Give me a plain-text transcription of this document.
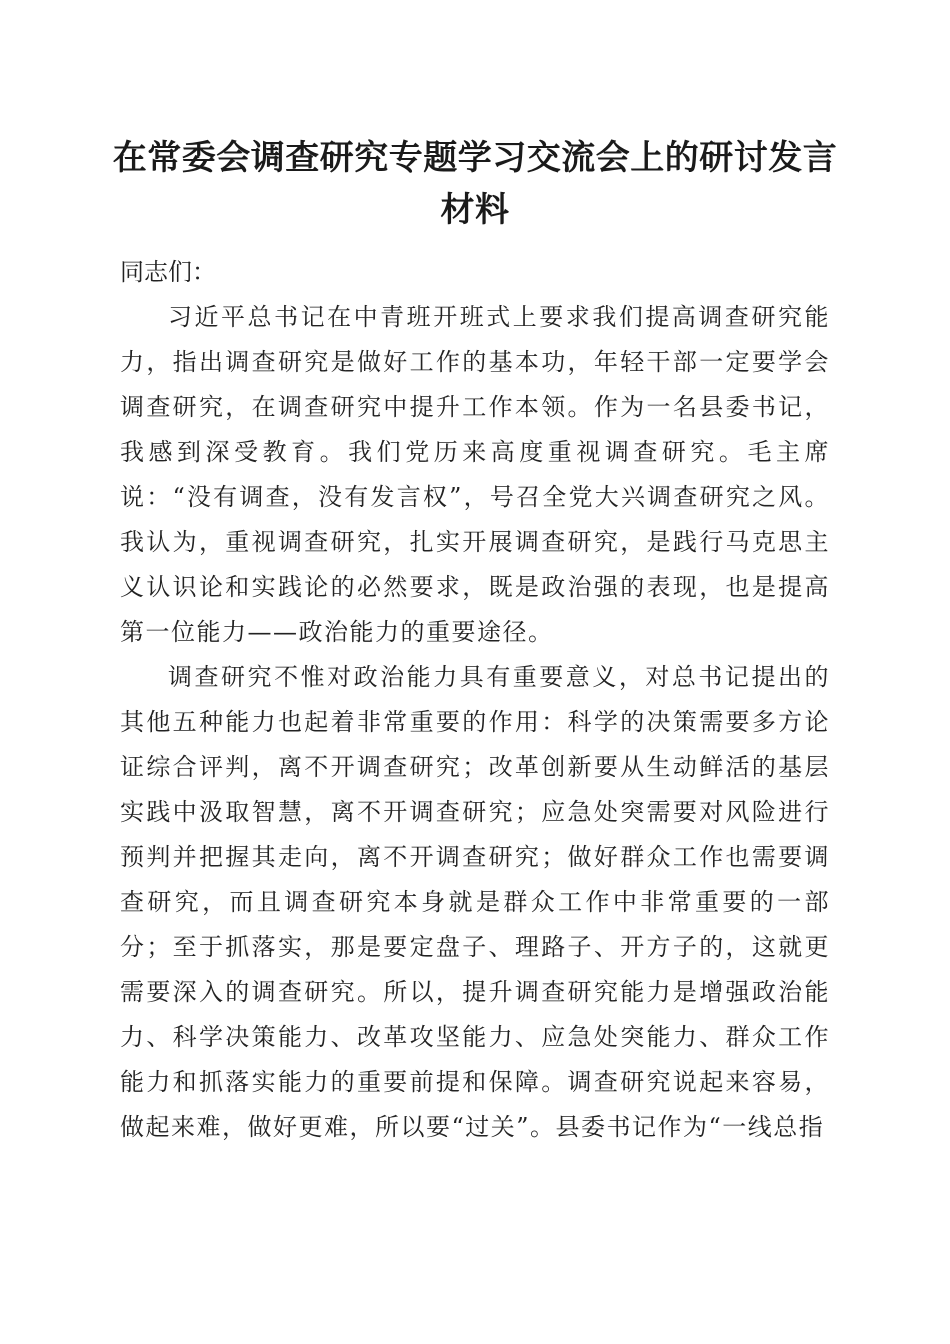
在常委会调查研究专题学习交流会上的研讨发言材料

同志们：

习近平总书记在中青班开班式上要求我们提高调查研究能力，指出调查研究是做好工作的基本功，年轻干部一定要学会调查研究，在调查研究中提升工作本领。作为一名县委书记，我感到深受教育。我们党历来高度重视调查研究。毛主席说：“没有调查，没有发言权”，号召全党大兴调查研究之风。我认为，重视调查研究，扎实开展调查研究，是践行马克思主义认识论和实践论的必然要求，既是政治强的表现，也是提高第一位能力——政治能力的重要途径。

调查研究不惟对政治能力具有重要意义，对总书记提出的其他五种能力也起着非常重要的作用：科学的决策需要多方论证综合评判，离不开调查研究；改革创新要从生动鲜活的基层实践中汲取智慧，离不开调查研究；应急处突需要对风险进行预判并把握其走向，离不开调查研究；做好群众工作也需要调查研究，而且调查研究本身就是群众工作中非常重要的一部分；至于抓落实，那是要定盘子、理路子、开方子的，这就更需要深入的调查研究。所以，提升调查研究能力是增强政治能力、科学决策能力、改革攻坚能力、应急处突能力、群众工作能力和抓落实能力的重要前提和保障。调查研究说起来容易，做起来难，做好更难，所以要“过关”。县委书记作为“一线总指
